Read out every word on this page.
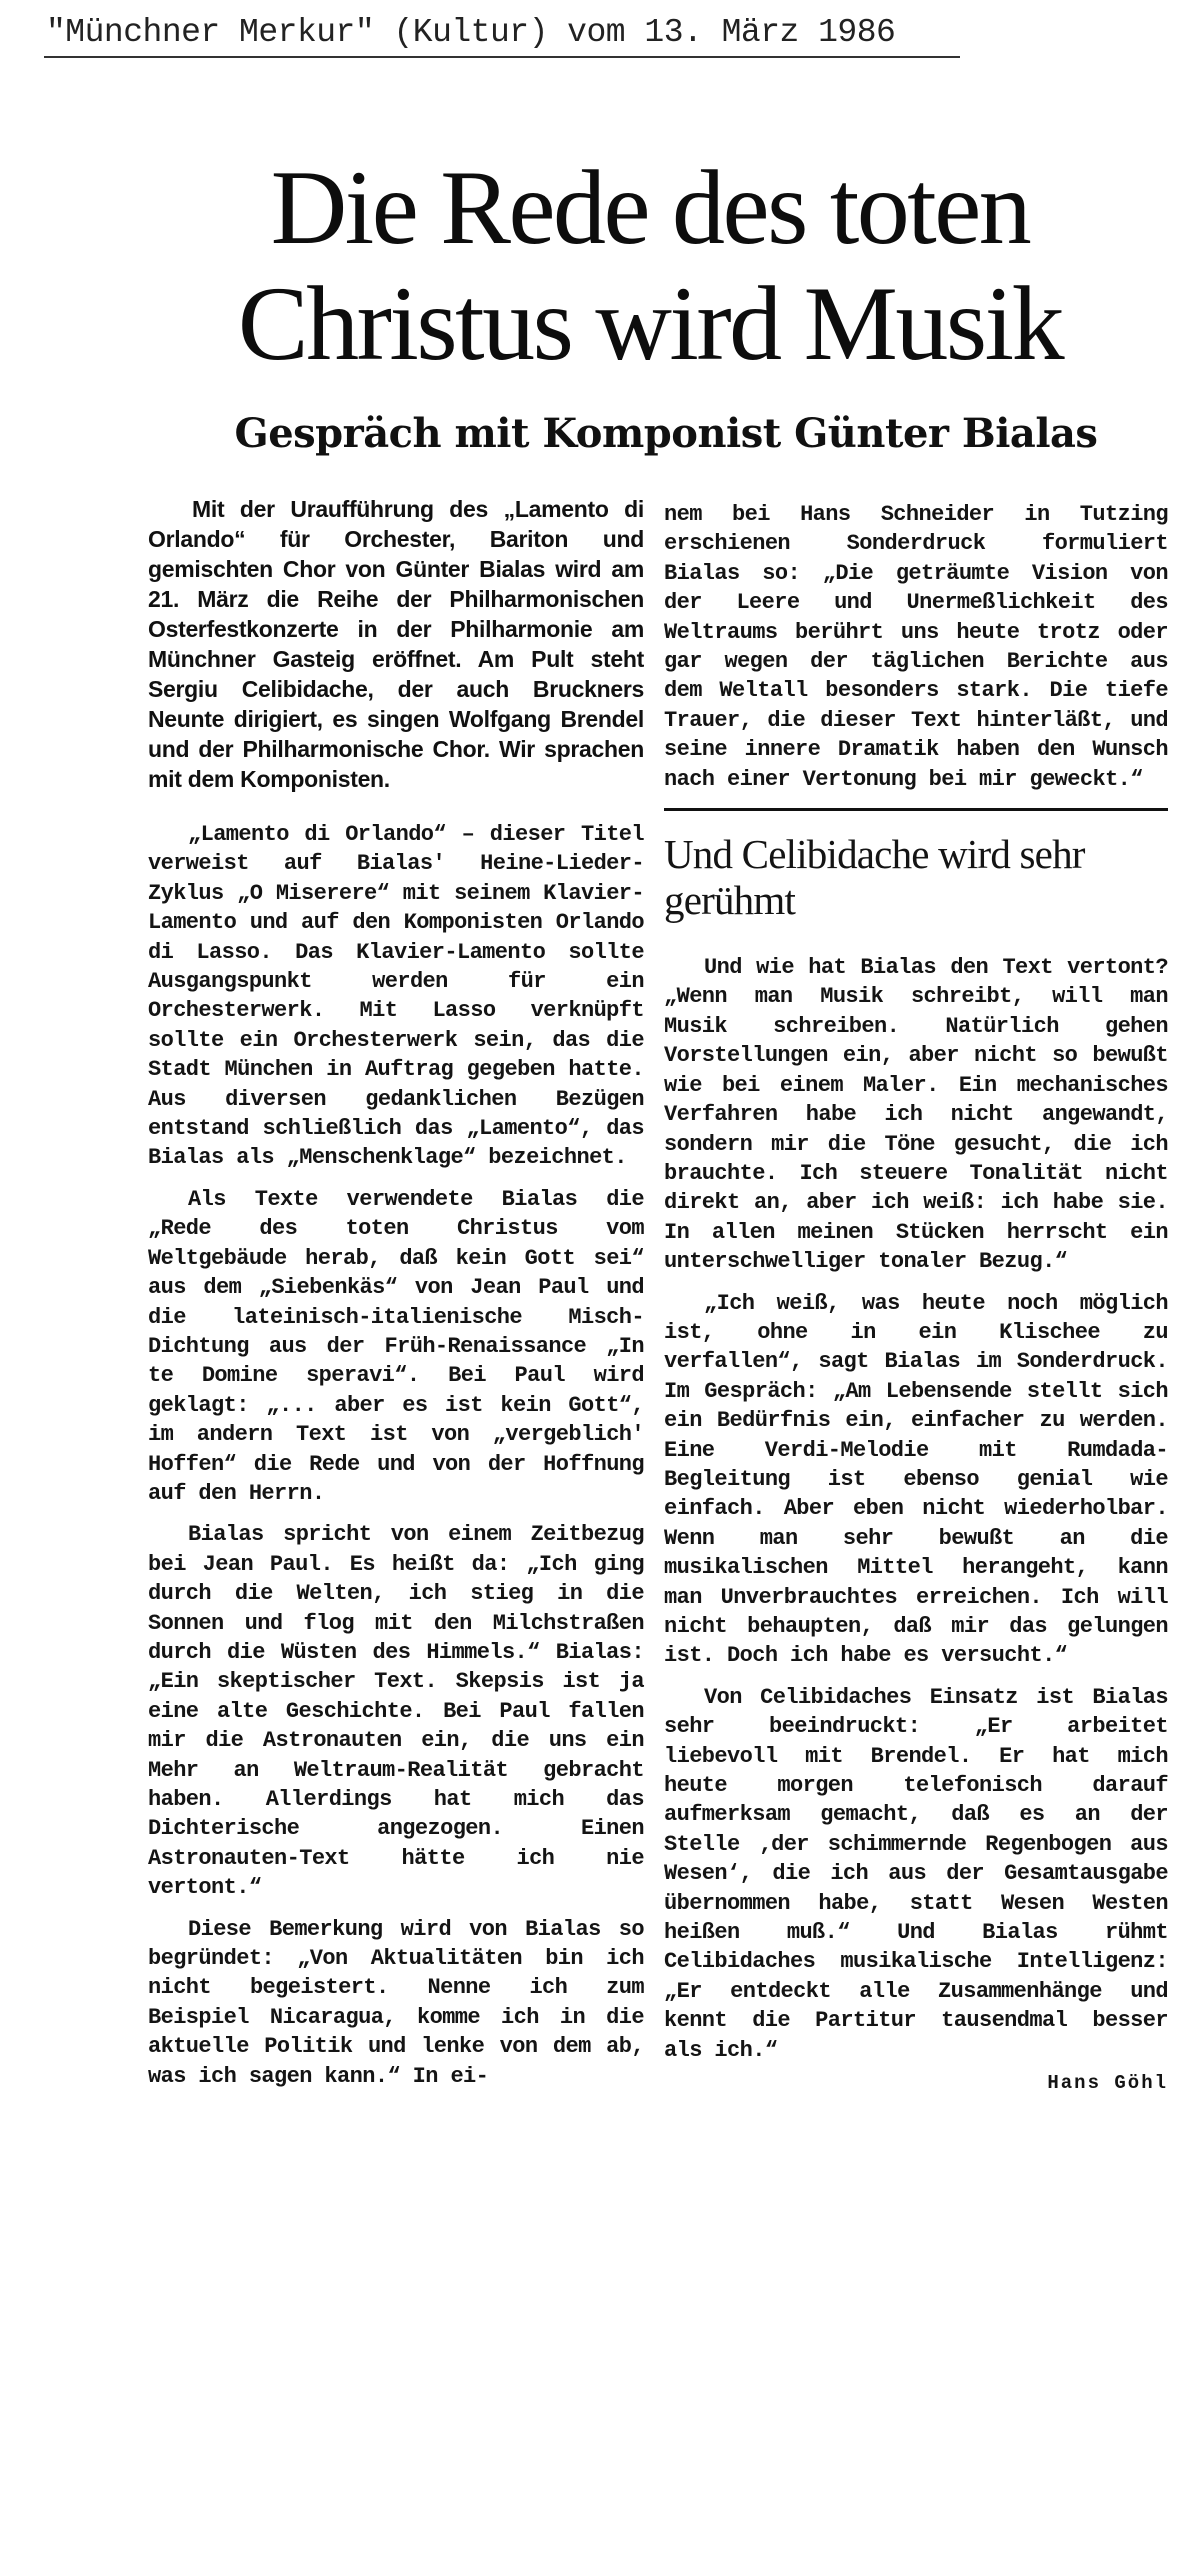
"Münchner Merkur" (Kultur) vom 13. März 1986
Die Rede des toten Christus wird Musik
Gespräch mit Komponist Günter Bialas
Mit der Uraufführung des „Lamento di Orlando“ für Orchester, Bariton und gemischten Chor von Günter Bialas wird am 21. März die Reihe der Philharmonischen Osterfestkonzerte in der Philharmonie am Münchner Gasteig eröffnet. Am Pult steht Sergiu Celibidache, der auch Bruckners Neunte dirigiert, es singen Wolfgang Brendel und der Philharmonische Chor. Wir sprachen mit dem Komponisten.

„Lamento di Orlando“ – dieser Titel verweist auf Bialas' Heine-Lieder-Zyklus „O Miserere“ mit seinem Klavier-Lamento und auf den Komponisten Orlando di Lasso. Das Klavier-Lamento sollte Ausgangspunkt werden für ein Orchesterwerk. Mit Lasso verknüpft sollte ein Orchesterwerk sein, das die Stadt München in Auftrag gegeben hatte. Aus diversen gedanklichen Bezügen entstand schließlich das „Lamento“, das Bialas als „Menschenklage“ bezeichnet.

Als Texte verwendete Bialas die „Rede des toten Christus vom Weltgebäude herab, daß kein Gott sei“ aus dem „Siebenkäs“ von Jean Paul und die lateinisch-italienische Misch-Dichtung aus der Früh-Renaissance „In te Domine speravi“. Bei Paul wird geklagt: „... aber es ist kein Gott“, im andern Text ist von „vergeblich' Hoffen“ die Rede und von der Hoffnung auf den Herrn.

Bialas spricht von einem Zeitbezug bei Jean Paul. Es heißt da: „Ich ging durch die Welten, ich stieg in die Sonnen und flog mit den Milchstraßen durch die Wüsten des Himmels.“ Bialas: „Ein skeptischer Text. Skepsis ist ja eine alte Geschichte. Bei Paul fallen mir die Astronauten ein, die uns ein Mehr an Weltraum-Realität gebracht haben. Allerdings hat mich das Dichterische angezogen. Einen Astronauten-Text hätte ich nie vertont.“

Diese Bemerkung wird von Bialas so begründet: „Von Aktualitäten bin ich nicht begeistert. Nenne ich zum Beispiel Nicaragua, komme ich in die aktuelle Politik und lenke von dem ab, was ich sagen kann.“ In ei-

nem bei Hans Schneider in Tutzing erschienen Sonderdruck formuliert Bialas so: „Die geträumte Vision von der Leere und Unermeßlichkeit des Weltraums berührt uns heute trotz oder gar wegen der täglichen Berichte aus dem Weltall besonders stark. Die tiefe Trauer, die dieser Text hinterläßt, und seine innere Dramatik haben den Wunsch nach einer Vertonung bei mir geweckt.“

Und Celibidache wird sehr gerühmt

Und wie hat Bialas den Text vertont? „Wenn man Musik schreibt, will man Musik schreiben. Natürlich gehen Vorstellungen ein, aber nicht so bewußt wie bei einem Maler. Ein mechanisches Verfahren habe ich nicht angewandt, sondern mir die Töne gesucht, die ich brauchte. Ich steuere Tonalität nicht direkt an, aber ich weiß: ich habe sie. In allen meinen Stücken herrscht ein unterschwelliger tonaler Bezug.“

„Ich weiß, was heute noch möglich ist, ohne in ein Klischee zu verfallen“, sagt Bialas im Sonderdruck. Im Gespräch: „Am Lebensende stellt sich ein Bedürfnis ein, einfacher zu werden. Eine Verdi-Melodie mit Rumdada-Begleitung ist ebenso genial wie einfach. Aber eben nicht wiederholbar. Wenn man sehr bewußt an die musikalischen Mittel herangeht, kann man Unverbrauchtes erreichen. Ich will nicht behaupten, daß mir das gelungen ist. Doch ich habe es versucht.“

Von Celibidaches Einsatz ist Bialas sehr beeindruckt: „Er arbeitet liebevoll mit Brendel. Er hat mich heute morgen telefonisch darauf aufmerksam gemacht, daß es an der Stelle ‚der schimmernde Regenbogen aus Wesen‘, die ich aus der Gesamtausgabe übernommen habe, statt Wesen Westen heißen muß.“ Und Bialas rühmt Celibidaches musikalische Intelligenz: „Er entdeckt alle Zusammenhänge und kennt die Partitur tausendmal besser als ich.“

Hans Göhl
